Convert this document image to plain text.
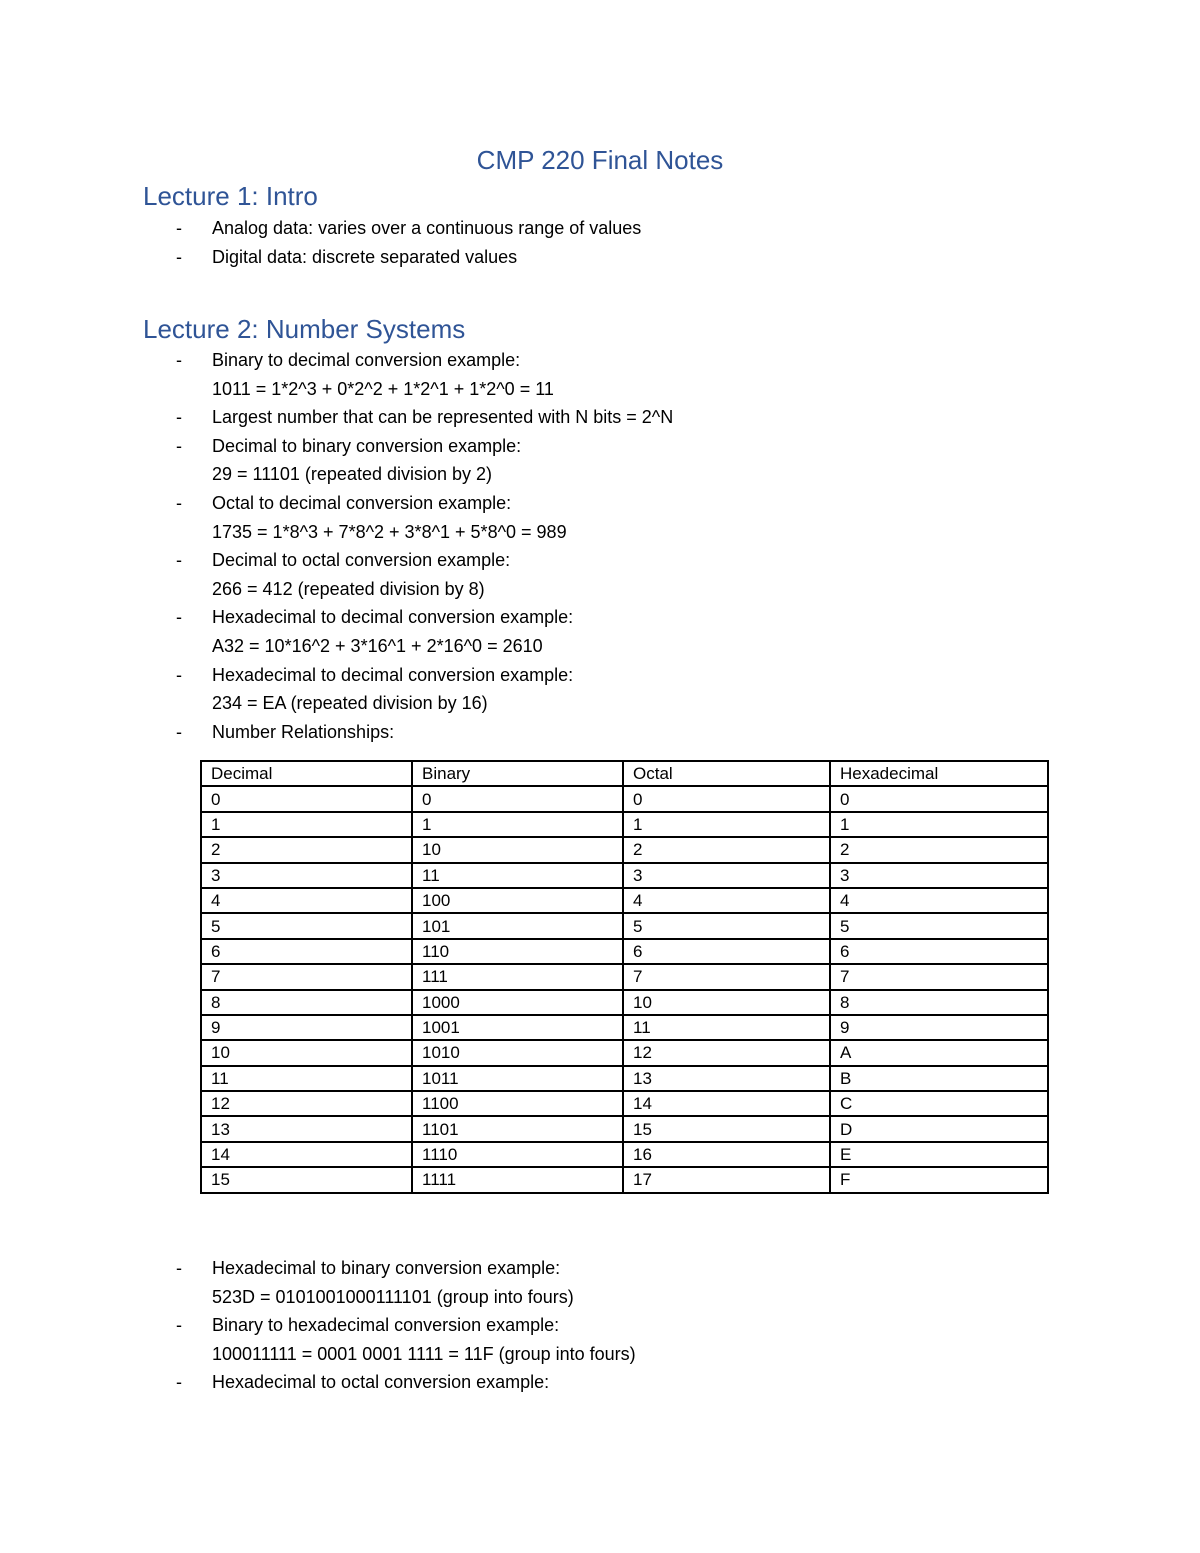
CMP 220 Final Notes
Lecture 1: Intro
- Analog data: varies over a continuous range of values
- Digital data: discrete separated values
Lecture 2: Number Systems
- Binary to decimal conversion example:
1011 = 1*2^3 + 0*2^2 + 1*2^1 + 1*2^0 = 11
- Largest number that can be represented with N bits = 2^N
- Decimal to binary conversion example:
29 = 11101 (repeated division by 2)
- Octal to decimal conversion example:
1735 = 1*8^3 + 7*8^2 + 3*8^1 + 5*8^0 = 989
- Decimal to octal conversion example:
266 = 412 (repeated division by 8)
- Hexadecimal to decimal conversion example:
A32 = 10*16^2 + 3*16^1 + 2*16^0 = 2610
- Hexadecimal to decimal conversion example:
234 = EA (repeated division by 16)
- Number Relationships:
Decimal	Binary	Octal	Hexadecimal
0	0	0	0
1	1	1	1
2	10	2	2
3	11	3	3
4	100	4	4
5	101	5	5
6	110	6	6
7	111	7	7
8	1000	10	8
9	1001	11	9
10	1010	12	A
11	1011	13	B
12	1100	14	C
13	1101	15	D
14	1110	16	E
15	1111	17	F
- Hexadecimal to binary conversion example:
523D = 0101001000111101 (group into fours)
- Binary to hexadecimal conversion example:
100011111 = 0001 0001 1111 = 11F (group into fours)
- Hexadecimal to octal conversion example:
